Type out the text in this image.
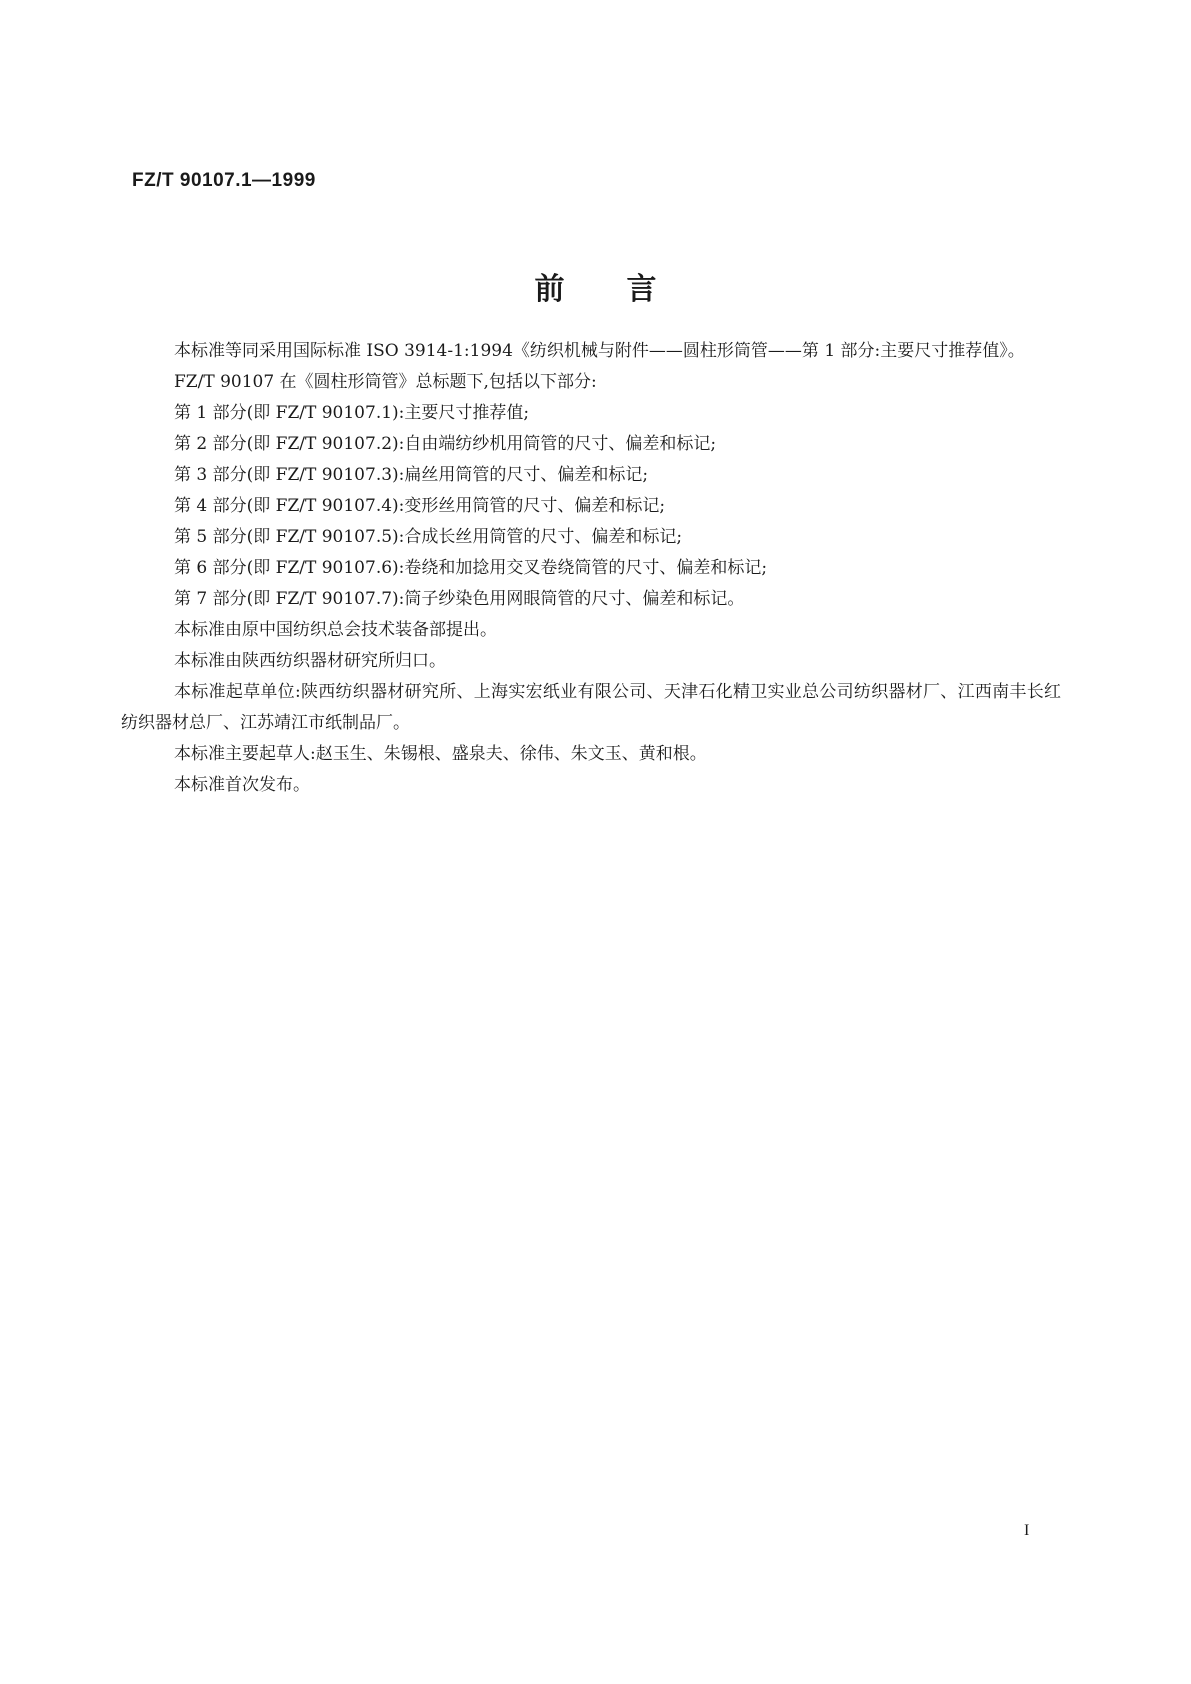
FZ/T 90107.1—1999
前言

本标准等同采用国际标准 ISO 3914-1:1994《纺织机械与附件——圆柱形筒管——第 1 部分:主要尺寸推荐值》。

FZ/T 90107 在《圆柱形筒管》总标题下,包括以下部分:

第 1 部分(即 FZ/T 90107.1):主要尺寸推荐值;

第 2 部分(即 FZ/T 90107.2):自由端纺纱机用筒管的尺寸、偏差和标记;

第 3 部分(即 FZ/T 90107.3):扁丝用筒管的尺寸、偏差和标记;

第 4 部分(即 FZ/T 90107.4):变形丝用筒管的尺寸、偏差和标记;

第 5 部分(即 FZ/T 90107.5):合成长丝用筒管的尺寸、偏差和标记;

第 6 部分(即 FZ/T 90107.6):卷绕和加捻用交叉卷绕筒管的尺寸、偏差和标记;

第 7 部分(即 FZ/T 90107.7):筒子纱染色用网眼筒管的尺寸、偏差和标记。

本标准由原中国纺织总会技术装备部提出。

本标准由陕西纺织器材研究所归口。

本标准起草单位:陕西纺织器材研究所、上海实宏纸业有限公司、天津石化精卫实业总公司纺织器材厂、江西南丰长红纺织器材总厂、江苏靖江市纸制品厂。

本标准主要起草人:赵玉生、朱锡根、盛泉夫、徐伟、朱文玉、黄和根。

本标准首次发布。

I
